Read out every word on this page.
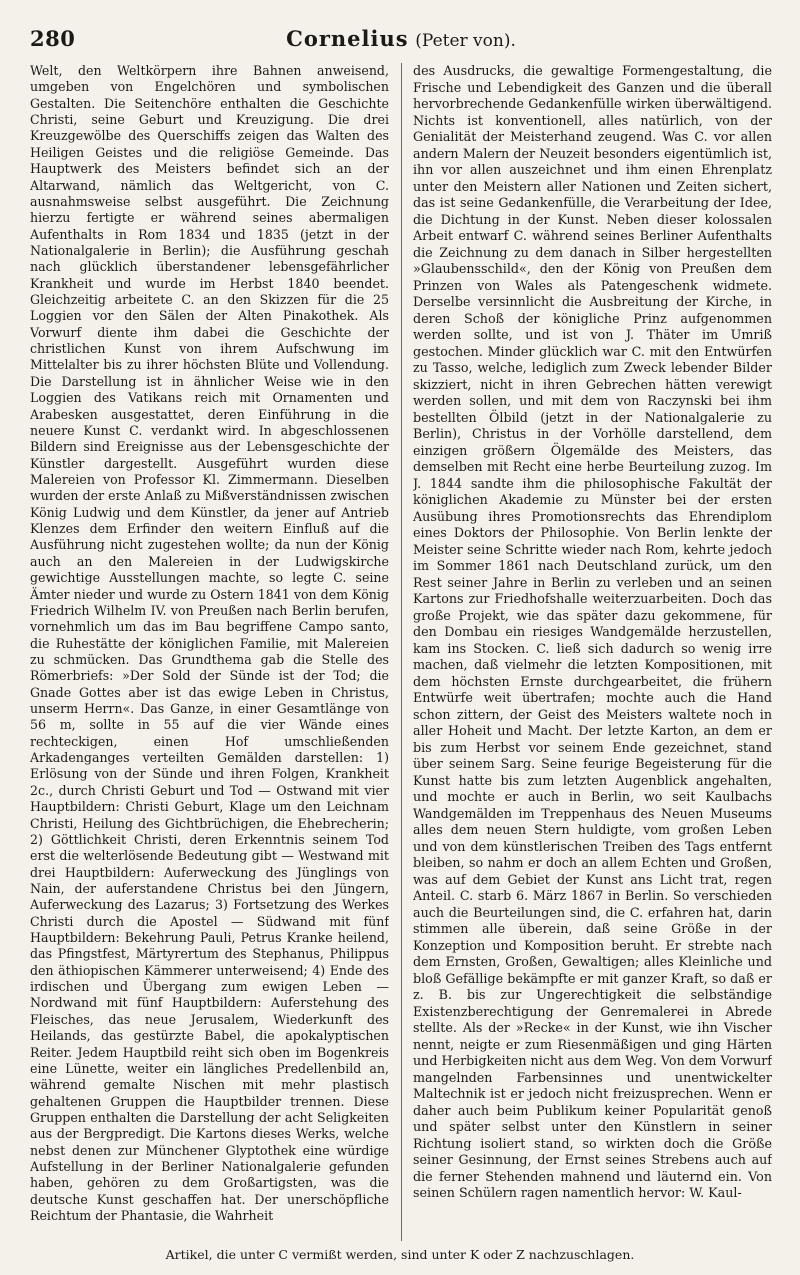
280	Cornelius (Peter von).
Welt, den Weltkörpern ihre Bahnen anweisend, umgeben von Engelchören und symbolischen Gestalten. Die Seitenchöre enthalten die Geschichte Christi, seine Geburt und Kreuzigung. Die drei Kreuzgewölbe des Querschiffs zeigen das Walten des Heiligen Geistes und die religiöse Gemeinde. Das Hauptwerk des Meisters befindet sich an der Altarwand, nämlich das Weltgericht, von C. ausnahmsweise selbst ausgeführt. Die Zeichnung hierzu fertigte er während seines abermaligen Aufenthalts in Rom 1834 und 1835 (jetzt in der Nationalgalerie in Berlin); die Ausführung geschah nach glücklich überstandener lebensgefährlicher Krankheit und wurde im Herbst 1840 beendet. Gleichzeitig arbeitete C. an den Skizzen für die 25 Loggien vor den Sälen der Alten Pinakothek. Als Vorwurf diente ihm dabei die Geschichte der christlichen Kunst von ihrem Aufschwung im Mittelalter bis zu ihrer höchsten Blüte und Vollendung. Die Darstellung ist in ähnlicher Weise wie in den Loggien des Vatikans reich mit Ornamenten und Arabesken ausgestattet, deren Einführung in die neuere Kunst C. verdankt wird. In abgeschlossenen Bildern sind Ereignisse aus der Lebensgeschichte der Künstler dargestellt. Ausgeführt wurden diese Malereien von Professor Kl. Zimmermann. Dieselben wurden der erste Anlaß zu Mißverständnissen zwischen König Ludwig und dem Künstler, da jener auf Antrieb Klenzes dem Erfinder den weitern Einfluß auf die Ausführung nicht zugestehen wollte; da nun der König auch an den Malereien in der Ludwigskirche gewichtige Ausstellungen machte, so legte C. seine Ämter nieder und wurde zu Ostern 1841 von dem König Friedrich Wilhelm IV. von Preußen nach Berlin berufen, vornehmlich um das im Bau begriffene Campo santo, die Ruhestätte der königlichen Familie, mit Malereien zu schmücken. Das Grundthema gab die Stelle des Römerbriefs: »Der Sold der Sünde ist der Tod; die Gnade Gottes aber ist das ewige Leben in Christus, unserm Herrn«. Das Ganze, in einer Gesamtlänge von 56 m, sollte in 55 auf die vier Wände eines rechteckigen, einen Hof umschließenden Arkadenganges verteilten Gemälden darstellen: 1) Erlösung von der Sünde und ihren Folgen, Krankheit 2c., durch Christi Geburt und Tod — Ostwand mit vier Hauptbildern: Christi Geburt, Klage um den Leichnam Christi, Heilung des Gichtbrüchigen, die Ehebrecherin; 2) Göttlichkeit Christi, deren Erkenntnis seinem Tod erst die welterlösende Bedeutung gibt — Westwand mit drei Hauptbildern: Auferweckung des Jünglings von Nain, der auferstandene Christus bei den Jüngern, Auferweckung des Lazarus; 3) Fortsetzung des Werkes Christi durch die Apostel — Südwand mit fünf Hauptbildern: Bekehrung Pauli, Petrus Kranke heilend, das Pfingstfest, Märtyrertum des Stephanus, Philippus den äthiopischen Kämmerer unterweisend; 4) Ende des irdischen und Übergang zum ewigen Leben — Nordwand mit fünf Hauptbildern: Auferstehung des Fleisches, das neue Jerusalem, Wiederkunft des Heilands, das gestürzte Babel, die apokalyptischen Reiter. Jedem Hauptbild reiht sich oben im Bogenkreis eine Lünette, weiter ein längliches Predellenbild an, während gemalte Nischen mit mehr plastisch gehaltenen Gruppen die Hauptbilder trennen. Diese Gruppen enthalten die Darstellung der acht Seligkeiten aus der Bergpredigt. Die Kartons dieses Werks, welche nebst denen zur Münchener Glyptothek eine würdige Aufstellung in der Berliner Nationalgalerie gefunden haben, gehören zu dem Großartigsten, was die deutsche Kunst geschaffen hat. Der unerschöpfliche Reichtum der Phantasie, die Wahrheit
des Ausdrucks, die gewaltige Formengestaltung, die Frische und Lebendigkeit des Ganzen und die überall hervorbrechende Gedankenfülle wirken überwältigend. Nichts ist konventionell, alles natürlich, von der Genialität der Meisterhand zeugend. Was C. vor allen andern Malern der Neuzeit besonders eigentümlich ist, ihn vor allen auszeichnet und ihm einen Ehrenplatz unter den Meistern aller Nationen und Zeiten sichert, das ist seine Gedankenfülle, die Verarbeitung der Idee, die Dichtung in der Kunst. Neben dieser kolossalen Arbeit entwarf C. während seines Berliner Aufenthalts die Zeichnung zu dem danach in Silber hergestellten »Glaubensschild«, den der König von Preußen dem Prinzen von Wales als Patengeschenk widmete. Derselbe versinnlicht die Ausbreitung der Kirche, in deren Schoß der königliche Prinz aufgenommen werden sollte, und ist von J. Thäter im Umriß gestochen. Minder glücklich war C. mit den Entwürfen zu Tasso, welche, lediglich zum Zweck lebender Bilder skizziert, nicht in ihren Gebrechen hätten verewigt werden sollen, und mit dem von Raczynski bei ihm bestellten Ölbild (jetzt in der Nationalgalerie zu Berlin), Christus in der Vorhölle darstellend, dem einzigen größern Ölgemälde des Meisters, das demselben mit Recht eine herbe Beurteilung zuzog. Im J. 1844 sandte ihm die philosophische Fakultät der königlichen Akademie zu Münster bei der ersten Ausübung ihres Promotionsrechts das Ehrendiplom eines Doktors der Philosophie. Von Berlin lenkte der Meister seine Schritte wieder nach Rom, kehrte jedoch im Sommer 1861 nach Deutschland zurück, um den Rest seiner Jahre in Berlin zu verleben und an seinen Kartons zur Friedhofshalle weiterzuarbeiten. Doch das große Projekt, wie das später dazu gekommene, für den Dombau ein riesiges Wandgemälde herzustellen, kam ins Stocken. C. ließ sich dadurch so wenig irre machen, daß vielmehr die letzten Kompositionen, mit dem höchsten Ernste durchgearbeitet, die frühern Entwürfe weit übertrafen; mochte auch die Hand schon zittern, der Geist des Meisters waltete noch in aller Hoheit und Macht. Der letzte Karton, an dem er bis zum Herbst vor seinem Ende gezeichnet, stand über seinem Sarg. Seine feurige Begeisterung für die Kunst hatte bis zum letzten Augenblick angehalten, und mochte er auch in Berlin, wo seit Kaulbachs Wandgemälden im Treppenhaus des Neuen Museums alles dem neuen Stern huldigte, vom großen Leben und von dem künstlerischen Treiben des Tags entfernt bleiben, so nahm er doch an allem Echten und Großen, was auf dem Gebiet der Kunst ans Licht trat, regen Anteil. C. starb 6. März 1867 in Berlin. So verschieden auch die Beurteilungen sind, die C. erfahren hat, darin stimmen alle überein, daß seine Größe in der Konzeption und Komposition beruht. Er strebte nach dem Ernsten, Großen, Gewaltigen; alles Kleinliche und bloß Gefällige bekämpfte er mit ganzer Kraft, so daß er z. B. bis zur Ungerechtigkeit die selbständige Existenzberechtigung der Genremalerei in Abrede stellte. Als der »Recke« in der Kunst, wie ihn Vischer nennt, neigte er zum Riesenmäßigen und ging Härten und Herbigkeiten nicht aus dem Weg. Von dem Vorwurf mangelnden Farbensinnes und unentwickelter Maltechnik ist er jedoch nicht freizusprechen. Wenn er daher auch beim Publikum keiner Popularität genoß und später selbst unter den Künstlern in seiner Richtung isoliert stand, so wirkten doch die Größe seiner Gesinnung, der Ernst seines Strebens auch auf die ferner Stehenden mahnend und läuternd ein. Von seinen Schülern ragen namentlich hervor: W. Kaul-
Artikel, die unter C vermißt werden, sind unter K oder Z nachzuschlagen.
